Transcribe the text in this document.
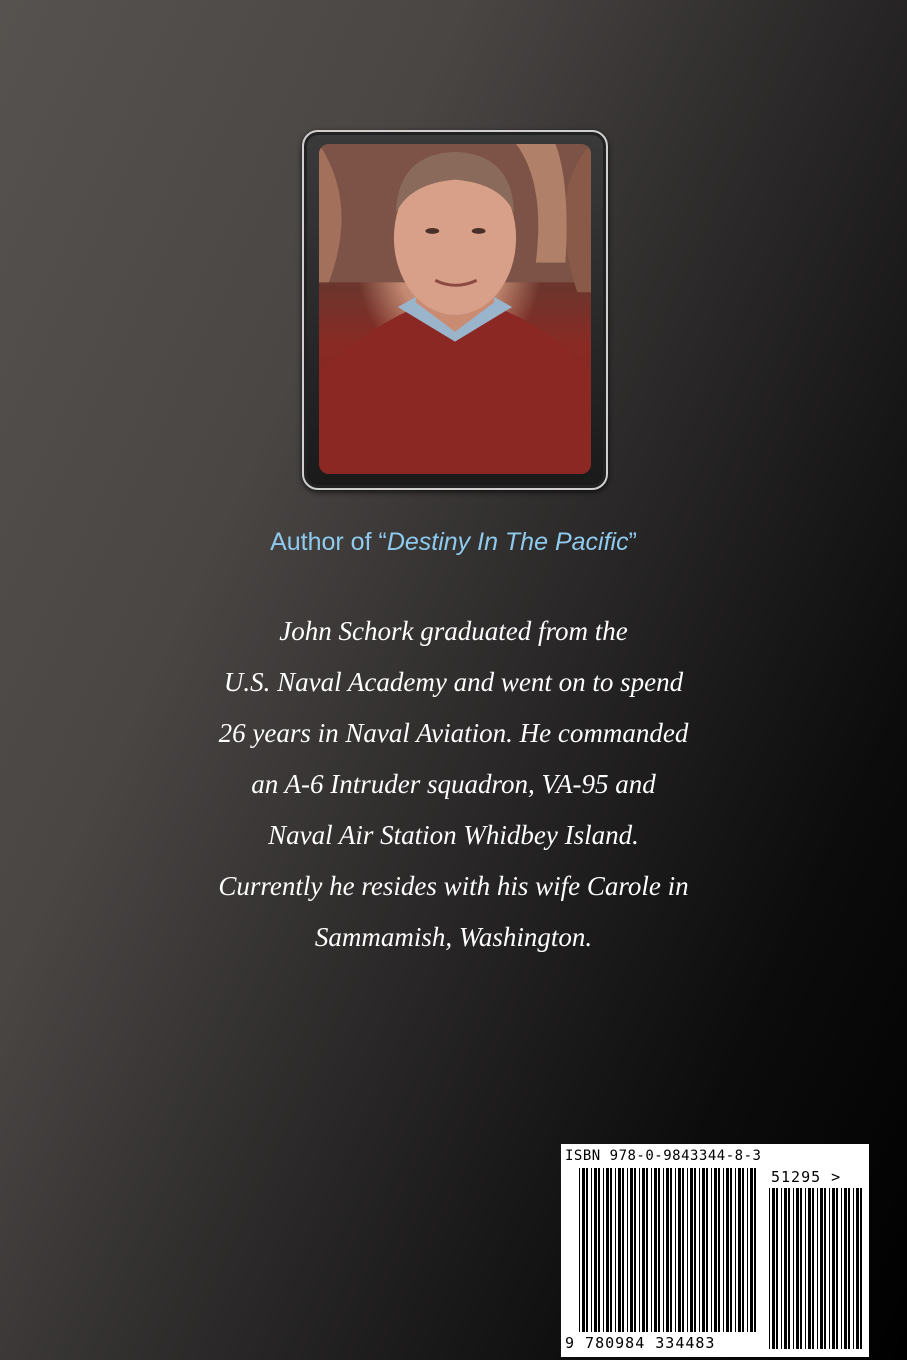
Author of “Destiny In The Pacific”
John Schork graduated from the
U.S. Naval Academy and went on to spend
26 years in Naval Aviation. He commanded
an A-6 Intruder squadron, VA-95 and
Naval Air Station Whidbey Island.
Currently he resides with his wife Carole in
Sammamish, Washington.
ISBN 978-0-9843344-8-3
51295 >
9 780984 334483
